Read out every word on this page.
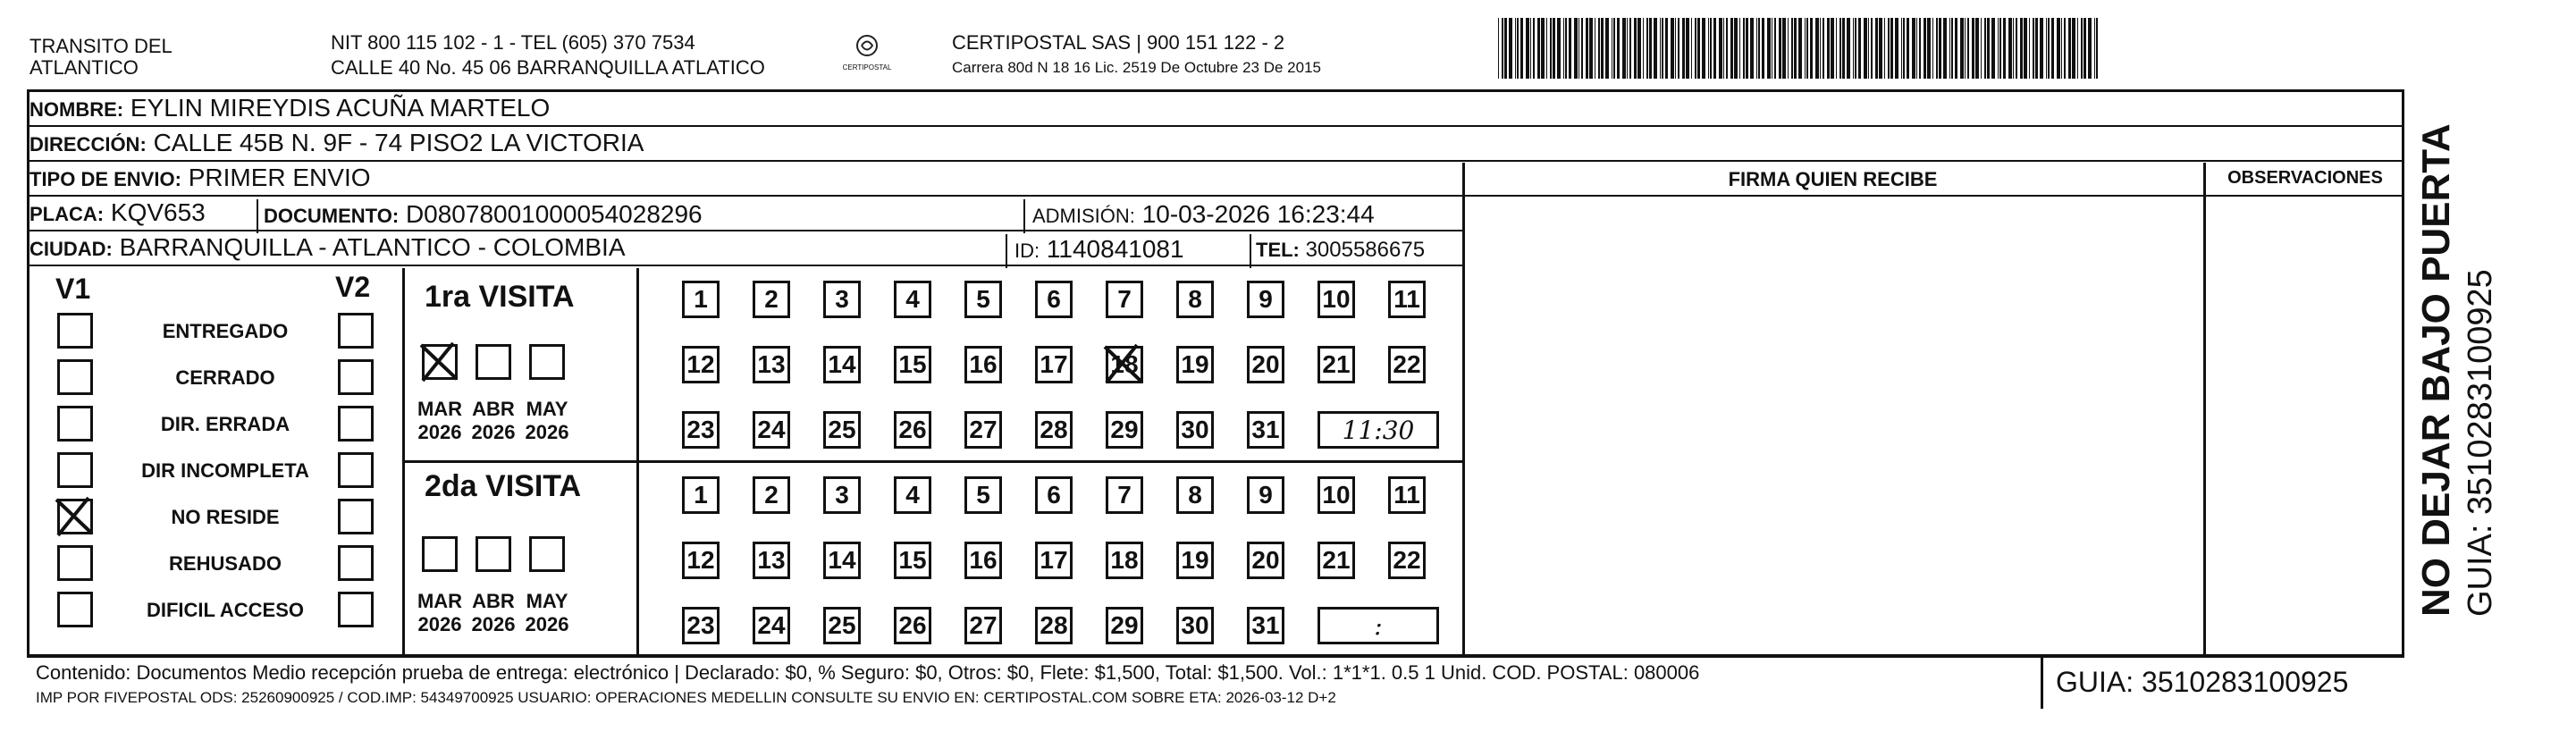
TRANSITO DEL
ATLANTICO
NIT 800 115 102 - 1 - TEL (605) 370 7534
CALLE 40 No. 45 06 BARRANQUILLA ATLATICO	CERTIPOSTAL
CERTIPOSTAL SAS | 900 151 122 - 2
Carrera 80d N 18 16 Lic. 2519 De Octubre 23 De 2015
NOMBRE: EYLIN MIREYDIS ACUÑA MARTELO
DIRECCIÓN: CALLE 45B N. 9F - 74 PISO2 LA VICTORIA
TIPO DE ENVIO: PRIMER ENVIO
PLACA: KQV653	DOCUMENTO: D08078001000054028296	ADMISIÓN: 10-03-2026 16:23:44
CIUDAD: BARRANQUILLA - ATLANTICO - COLOMBIA	ID: 1140841081	TEL: 3005586675
FIRMA QUIEN RECIBE	OBSERVACIONES
V1	V2
ENTREGADO
CERRADO
DIR. ERRADA
DIR INCOMPLETA
NO RESIDE
REHUSADO
DIFICIL ACCESO
1ra VISITA
2da VISITA
MAR
2026
ABR
2026
MAY
2026
1	2	3	4	5	6	7	8	9	10 11
12 13 14 15 16 17 18 19 20 21 22
23 24 25 26 27 28 29 30 31	11:30
MAR
2026
ABR
2026
MAY
2026
1	2	3	4	5	6	7	8	9	10 11
12 13 14 15 16 17 18 19 20 21 22
23 24 25 26 27 28 29 30 31	:
Contenido: Documentos Medio recepción prueba de entrega: electrónico | Declarado: $0, % Seguro: $0, Otros: $0, Flete: $1,500, Total: $1,500. Vol.: 1*1*1. 0.5 1 Unid. COD. POSTAL: 080006
IMP POR FIVEPOSTAL ODS: 25260900925 / COD.IMP: 54349700925 USUARIO: OPERACIONES MEDELLIN CONSULTE SU ENVIO EN: CERTIPOSTAL.COM SOBRE ETA: 2026-03-12 D+2	GUIA: 3510283100925
NO DEJAR BAJO PUERTA GUIA: 3510283100925
